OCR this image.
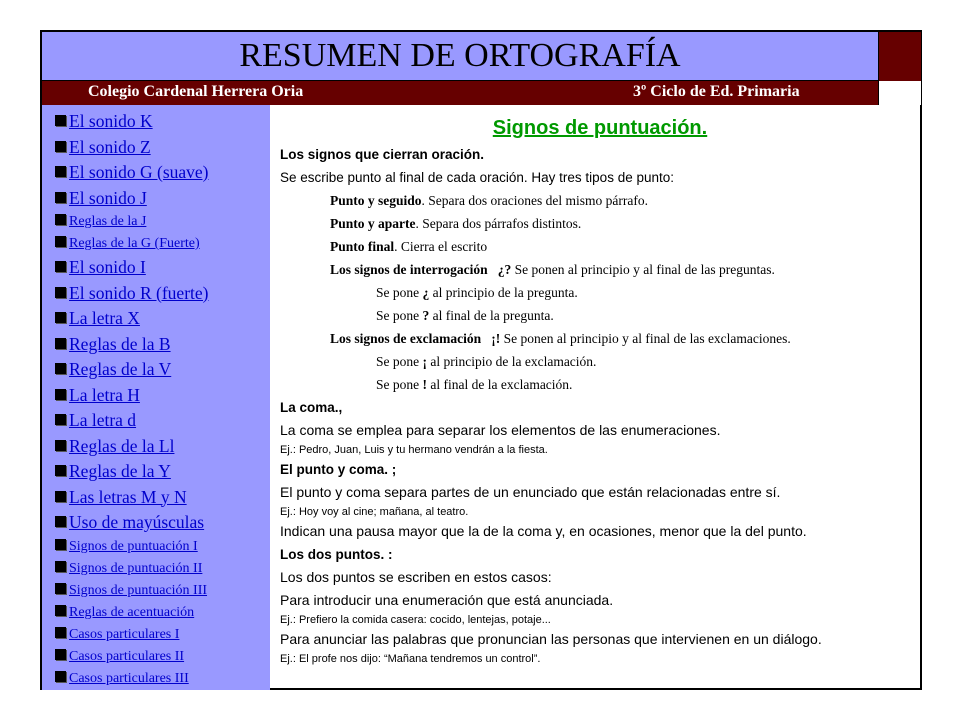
RESUMEN DE ORTOGRAFÍA
Colegio Cardenal Herrera Oria	3º Ciclo de Ed. Primaria
El sonido K
El sonido Z
El sonido G (suave)
El sonido J
Reglas de la J
Reglas de la G (Fuerte)
El sonido I
El sonido R (fuerte)
La letra X
Reglas de la B
Reglas de la V
La letra H
La letra d
Reglas de la Ll
Reglas de la Y
Las letras M y N
Uso de mayúsculas
Signos de puntuación I
Signos de puntuación II
Signos de puntuación III
Reglas de acentuación
Casos particulares I
Casos particulares II
Casos particulares III
Signos de puntuación.
Los signos que cierran oración.
Se escribe punto al final de cada oración. Hay tres tipos de punto:
Punto y seguido. Separa dos oraciones del mismo párrafo.
Punto y aparte. Separa dos párrafos distintos.
Punto final. Cierra el escrito
Los signos de interrogación   ¿? Se ponen al principio y al final de las preguntas.
Se pone ¿ al principio de la pregunta.
Se pone ? al final de la pregunta.
Los signos de exclamación   ¡! Se ponen al principio y al final de las exclamaciones.
Se pone ¡ al principio de la exclamación.
Se pone ! al final de la exclamación.
La coma.,
La coma se emplea para separar los elementos de las enumeraciones.
Ej.: Pedro, Juan, Luis y tu hermano vendrán a la fiesta.
El punto y coma. ;
El punto y coma separa partes de un enunciado que están relacionadas entre sí.
Ej.: Hoy voy al cine; mañana, al teatro.
Indican una pausa mayor que la de la coma y, en ocasiones, menor que la del punto.
Los dos puntos. :
Los dos puntos se escriben en estos casos:
Para introducir una enumeración que está anunciada.
Ej.: Prefiero la comida casera: cocido, lentejas, potaje...
Para anunciar las palabras que pronuncian las personas que intervienen en un diálogo.
Ej.: El profe nos dijo: “Mañana tendremos un control”.
